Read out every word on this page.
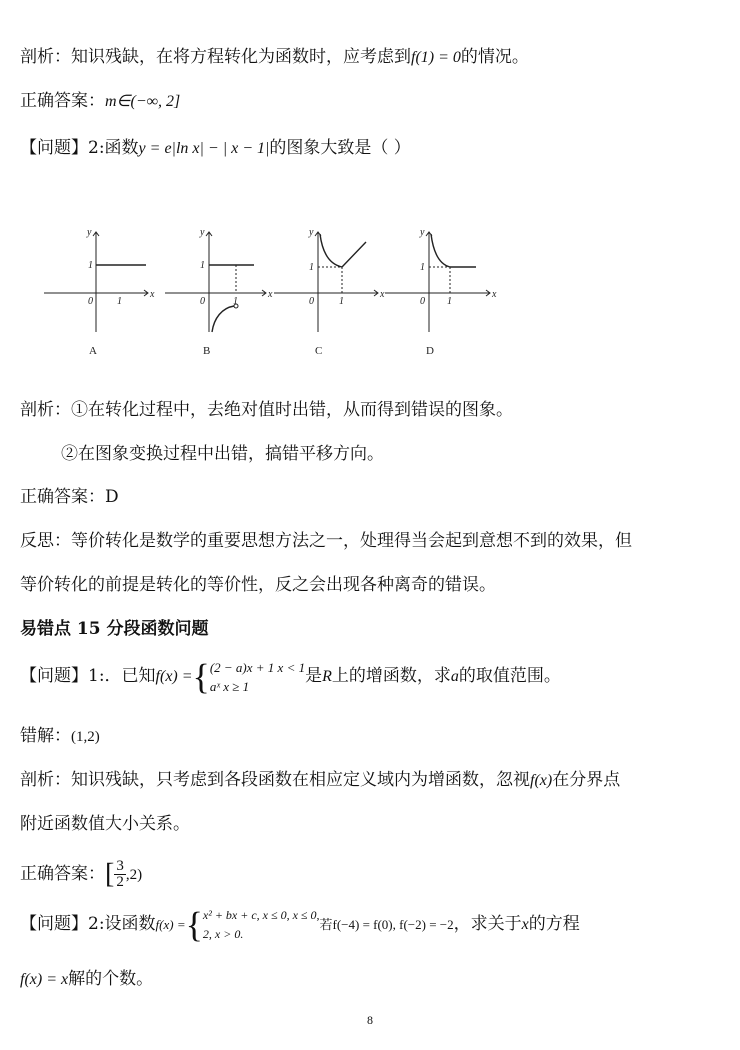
剖析：知识残缺，在将方程转化为函数时，应考虑到f(1) = 0的情况。
正确答案：m∈(−∞, 2]
【问题】2:函数y = e|ln x| − | x − 1|的图象大致是（ ）
y
x
0
1
1
y
x
0
1
1
y
x
0
1
1
y
x
0
1
1
A	B	C	D
剖析：①在转化过程中，去绝对值时出错，从而得到错误的图象。
②在图象变换过程中出错，搞错平移方向。
正确答案：D
反思：等价转化是数学的重要思想方法之一，处理得当会起到意想不到的效果，但
等价转化的前提是转化的等价性，反之会出现各种离奇的错误。
易错点 15 分段函数问题
【问题】1:．已知f(x) ={ (2 − a)x + 1 x < 1
aˣ x ≥ 1	是R上的增函数，求a的取值范围。
错解：(1,2)
剖析：知识残缺，只考虑到各段函数在相应定义域内为增函数，忽视f(x)在分界点
附近函数值大小关系。
正确答案：[ $\frac{3}{2} ,2$)
【问题】2:设函数f(x) ={ x² + bx + c, x ≤ 0, x ≤ 0,
2, x > 0.
若f(−4) = f(0), f(−2) = −2，求关于x的方程
f(x) = x解的个数。
8
